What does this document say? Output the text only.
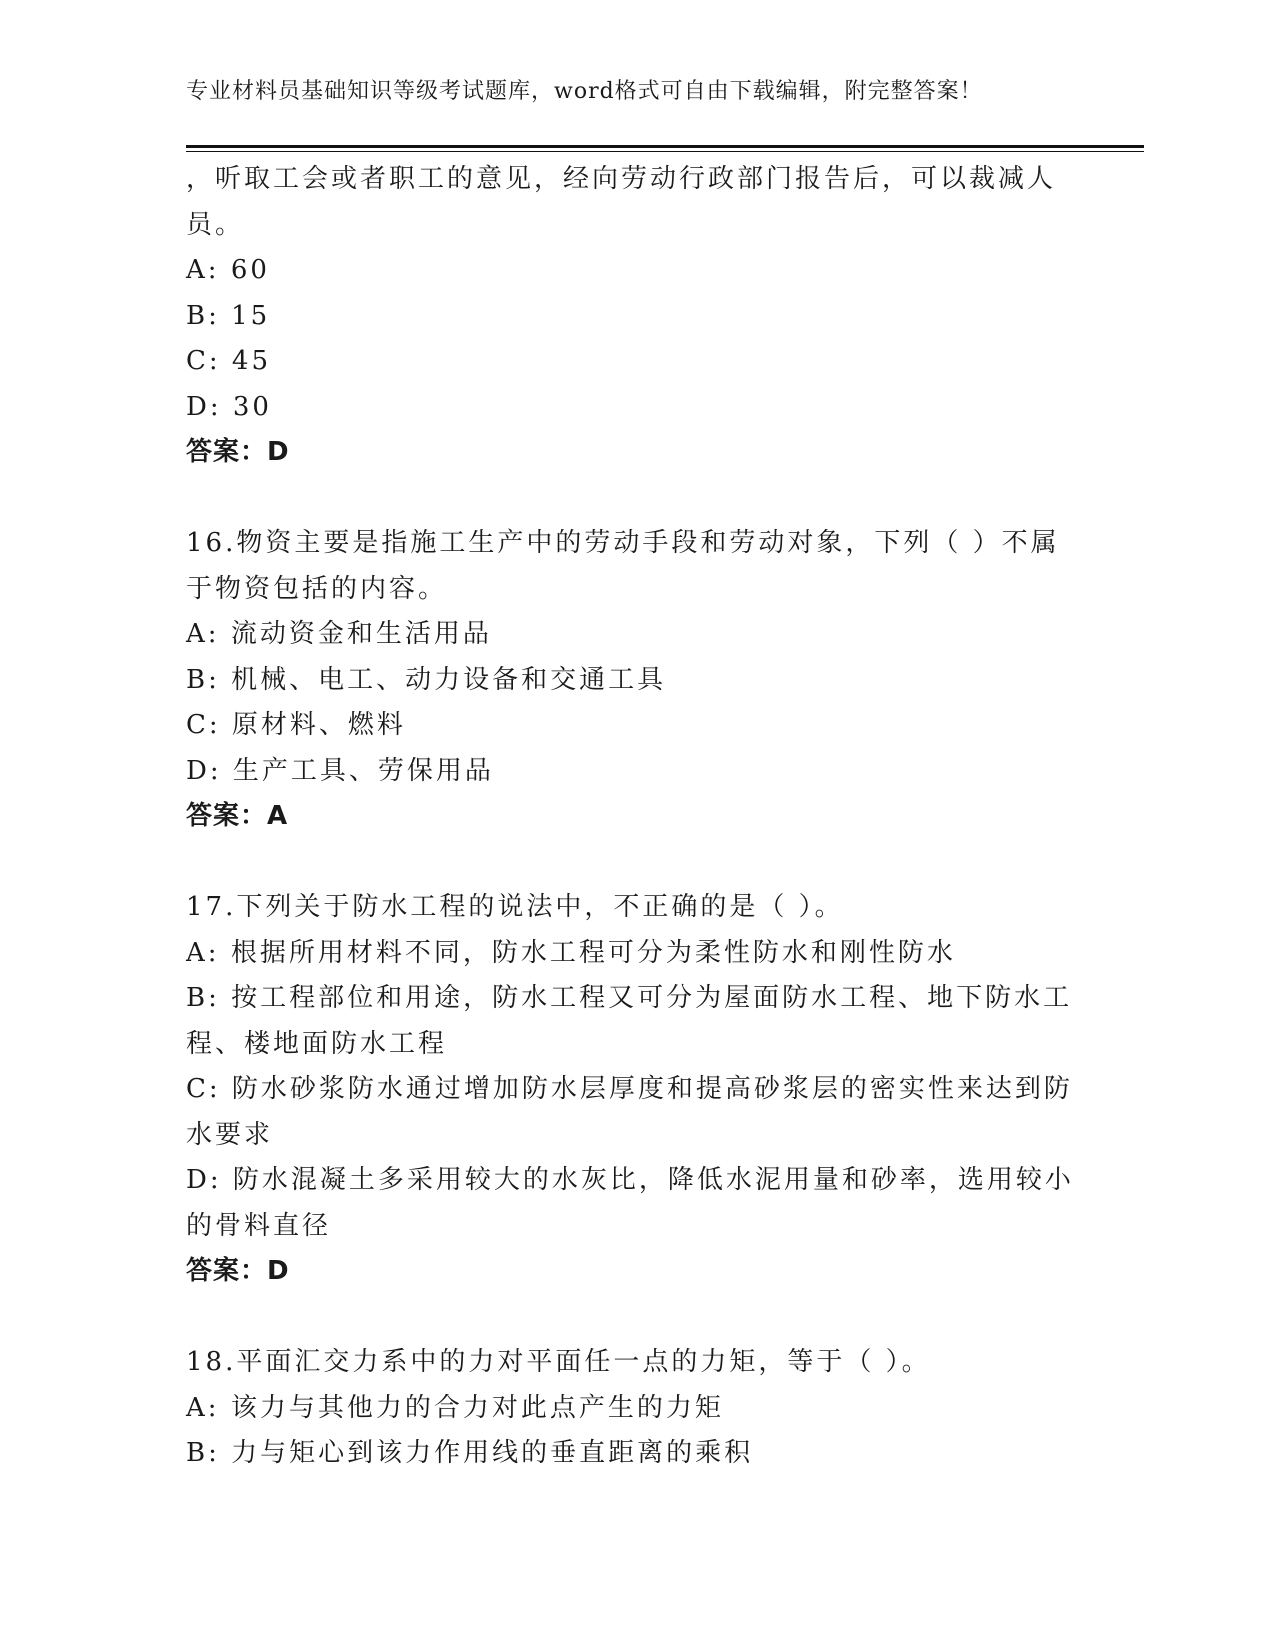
专业材料员基础知识等级考试题库，word格式可自由下载编辑，附完整答案！
，听取工会或者职工的意见，经向劳动行政部门报告后，可以裁减人
员。
A: 60
B: 15
C: 45
D: 30
答案：D
16.物资主要是指施工生产中的劳动手段和劳动对象，下列（ ）不属
于物资包括的内容。
A: 流动资金和生活用品
B: 机械、电工、动力设备和交通工具
C: 原材料、燃料
D: 生产工具、劳保用品
答案：A
17.下列关于防水工程的说法中，不正确的是（ ）。
A: 根据所用材料不同，防水工程可分为柔性防水和刚性防水
B: 按工程部位和用途，防水工程又可分为屋面防水工程、地下防水工
程、楼地面防水工程
C: 防水砂浆防水通过增加防水层厚度和提高砂浆层的密实性来达到防
水要求
D: 防水混凝土多采用较大的水灰比，降低水泥用量和砂率，选用较小
的骨料直径
答案：D
18.平面汇交力系中的力对平面任一点的力矩，等于（ ）。
A: 该力与其他力的合力对此点产生的力矩
B: 力与矩心到该力作用线的垂直距离的乘积
